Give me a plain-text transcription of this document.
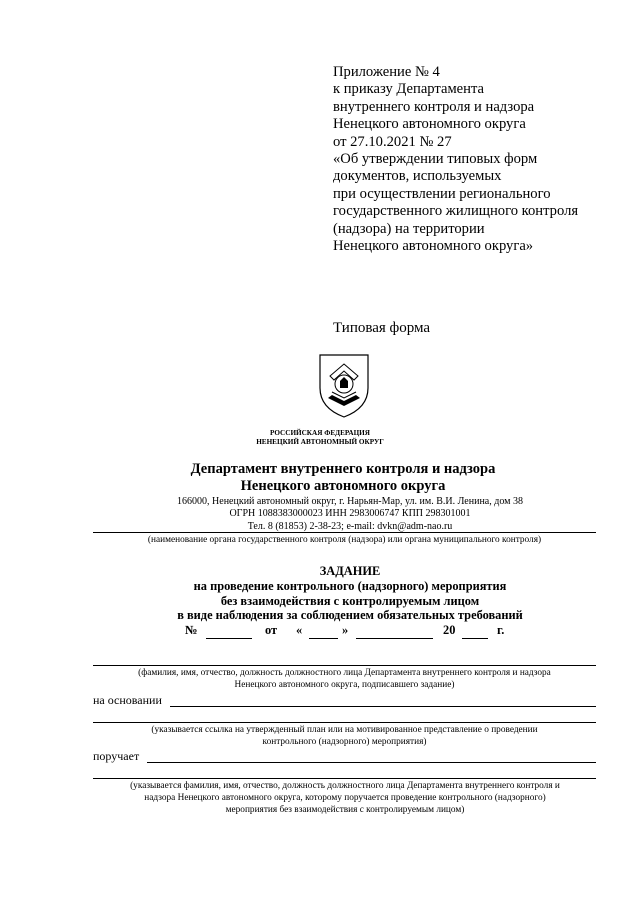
Приложение № 4
к приказу Департамента
внутреннего контроля и надзора
Ненецкого автономного округа
от 27.10.2021 № 27
«Об утверждении типовых форм
документов, используемых
при осуществлении регионального
государственного жилищного контроля
(надзора) на территории
Ненецкого автономного округа»
Типовая форма
РОССИЙСКАЯ ФЕДЕРАЦИЯ
НЕНЕЦКИЙ АВТОНОМНЫЙ ОКРУГ
Департамент внутреннего контроля и надзора
Ненецкого автономного округа
166000, Ненецкий автономный округ, г. Нарьян-Мар, ул. им. В.И. Ленина, дом 38
ОГРН 1088383000023 ИНН 2983006747 КПП 298301001
Тел. 8 (81853) 2-38-23; e-mail: dvkn@adm-nao.ru
(наименование органа государственного контроля (надзора) или органа муниципального контроля)
ЗАДАНИЕ
на проведение контрольного (надзорного) мероприятия
без взаимодействия с контролируемым лицом
в виде наблюдения за соблюдением обязательных требований
№	от «	»	20	г.
(фамилия, имя, отчество, должность должностного лица Департамента внутреннего контроля и надзора
Ненецкого автономного округа, подписавшего задание)
на основании
(указывается ссылка на утвержденный план или на мотивированное представление о проведении
контрольного (надзорного) мероприятия)
поручает
(указывается фамилия, имя, отчество, должность должностного лица Департамента внутреннего контроля и
надзора Ненецкого автономного округа, которому поручается проведение контрольного (надзорного)
мероприятия без взаимодействия с контролируемым лицом)
